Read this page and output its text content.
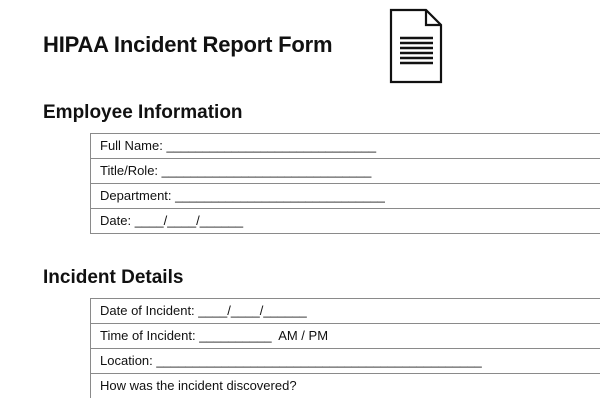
HIPAA Incident Report Form
Employee Information
Full Name: _____________________________
Title/Role: _____________________________
Department: _____________________________
Date: ____/____/______
Incident Details
Date of Incident: ____/____/______
Time of Incident: __________ AM / PM
Location: _____________________________________________
How was the incident discovered?
